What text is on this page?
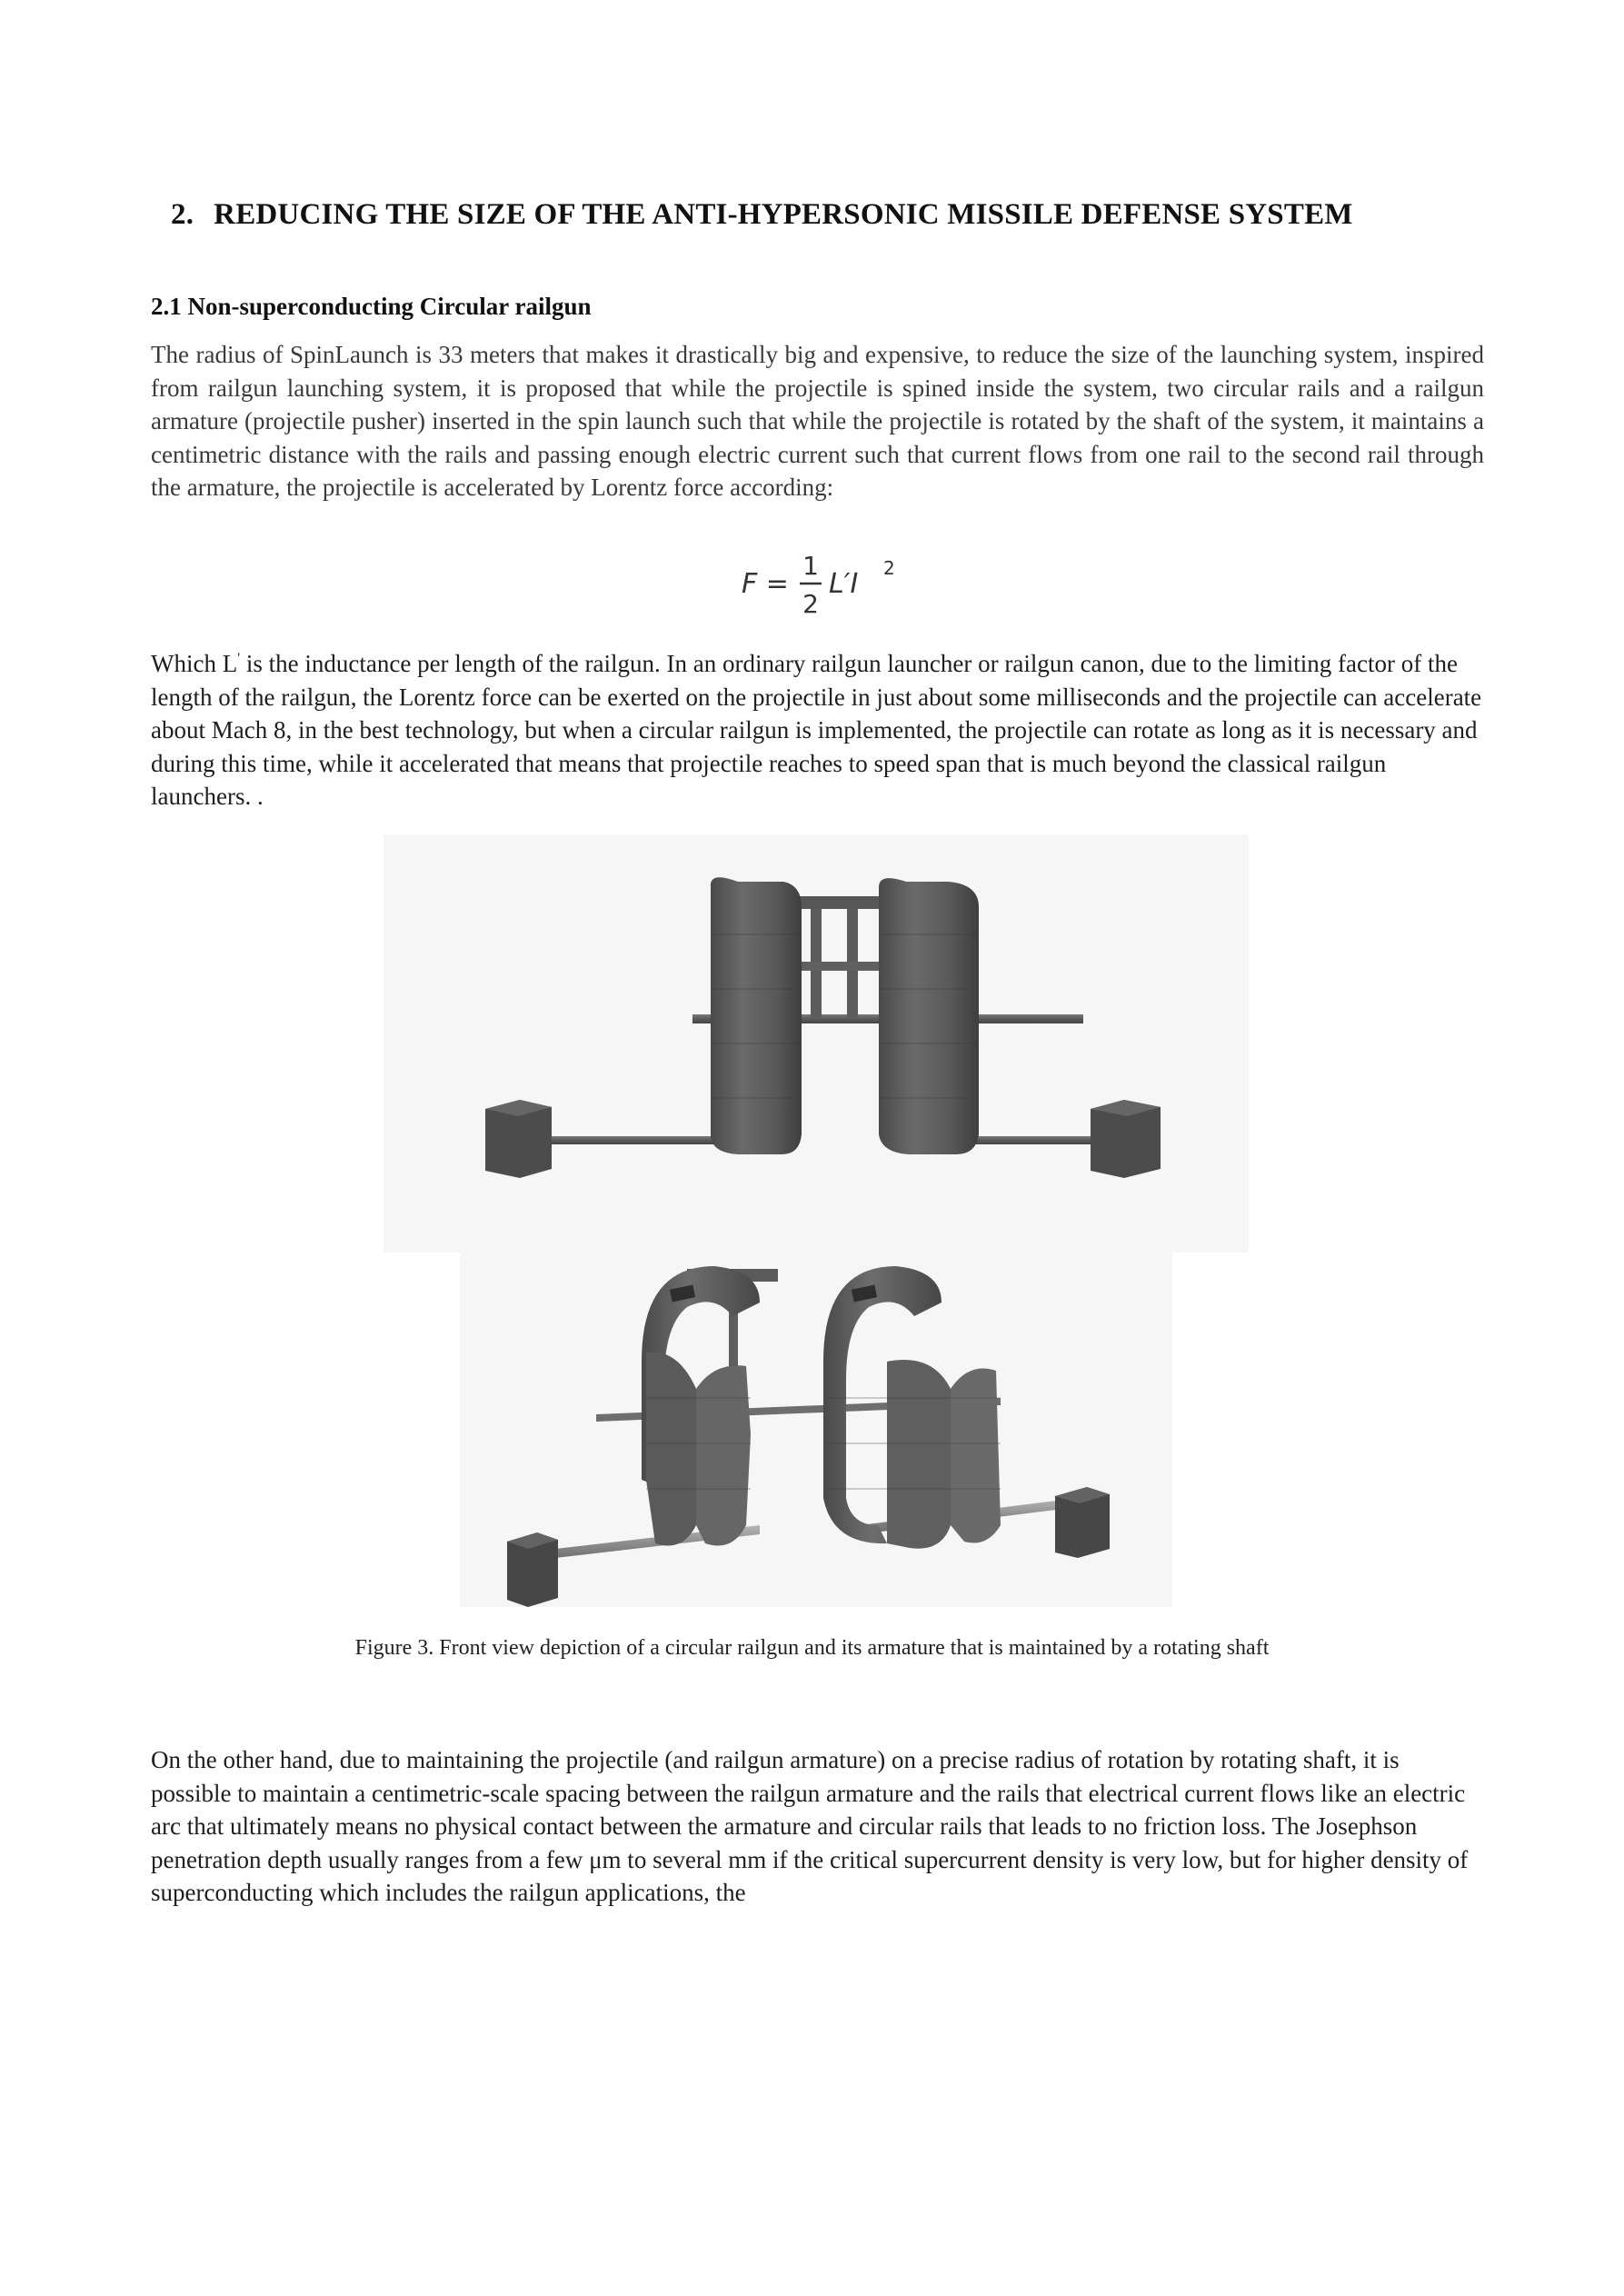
2. REDUCING THE SIZE OF THE ANTI-HYPERSONIC MISSILE DEFENSE SYSTEM
2.1 Non-superconducting Circular railgun
The radius of SpinLaunch is 33 meters that makes it drastically big and expensive, to reduce the size of the launching system, inspired from railgun launching system, it is proposed that while the projectile is spined inside the system, two circular rails and a railgun armature (projectile pusher) inserted in the spin launch such that while the projectile is rotated by the shaft of the system, it maintains a centimetric distance with the rails and passing enough electric current such that current flows from one rail to the second rail through the armature, the projectile is accelerated by Lorentz force according:
F =
1
2
L′I 2
Which L' is the inductance per length of the railgun. In an ordinary railgun launcher or railgun canon, due to the limiting factor of the length of the railgun, the Lorentz force can be exerted on the projectile in just about some milliseconds and the projectile can accelerate about Mach 8, in the best technology, but when a circular railgun is implemented, the projectile can rotate as long as it is necessary and during this time, while it accelerated that means that projectile reaches to speed span that is much beyond the classical railgun launchers. .
Figure 3. Front view depiction of a circular railgun and its armature that is maintained by a rotating shaft
On the other hand, due to maintaining the projectile (and railgun armature) on a precise radius of rotation by rotating shaft, it is possible to maintain a centimetric-scale spacing between the railgun armature and the rails that electrical current flows like an electric arc that ultimately means no physical contact between the armature and circular rails that leads to no friction loss. The Josephson penetration depth usually ranges from a few μm to several mm if the critical supercurrent density is very low, but for higher density of superconducting which includes the railgun applications, the
